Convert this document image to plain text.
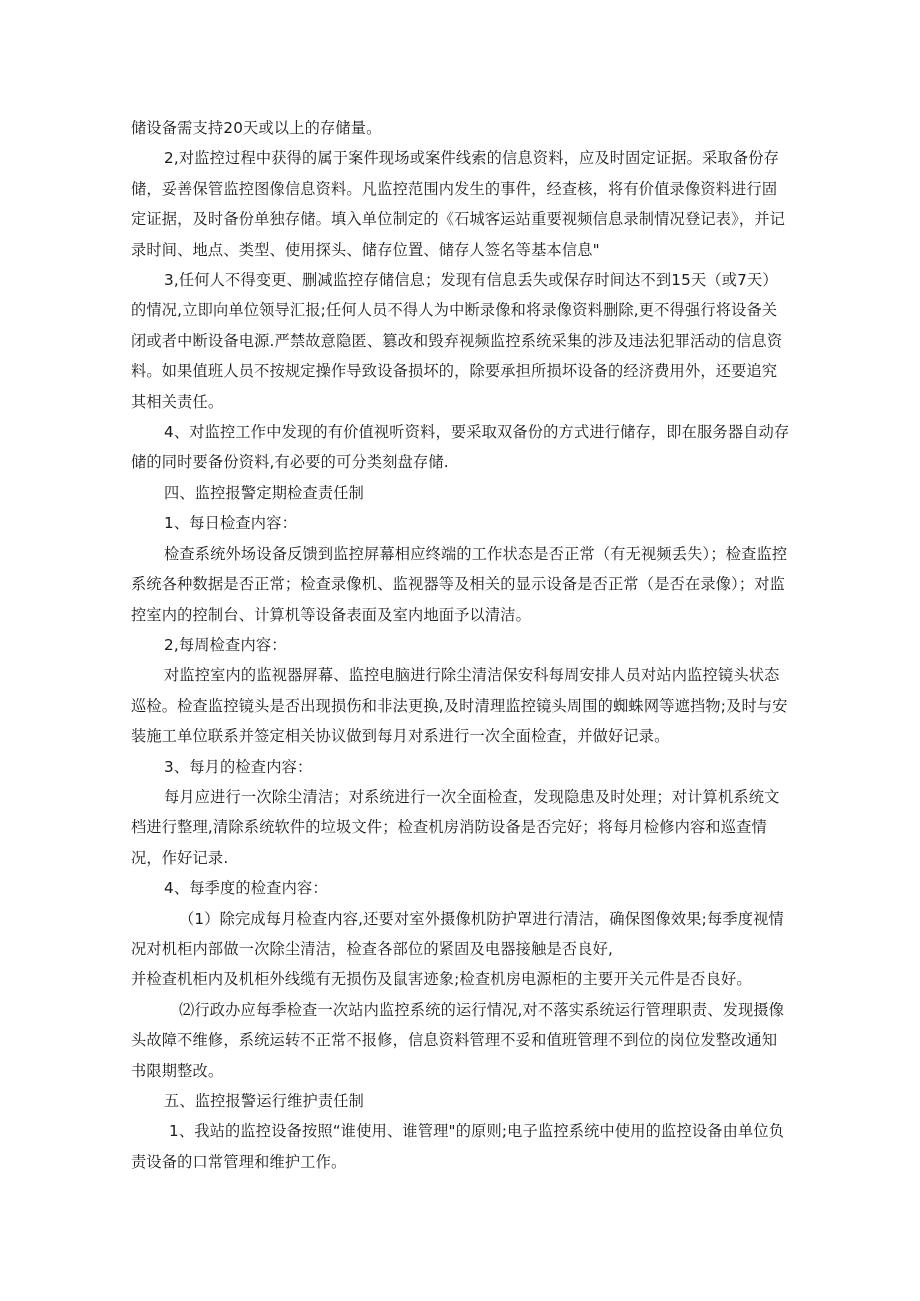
储设备需支持20天或以上的存储量。

2,对监控过程中获得的属于案件现场或案件线索的信息资料，应及时固定证据。采取备份存储，妥善保管监控图像信息资料。凡监控范围内发生的事件，经查核，将有价值录像资料进行固定证据，及时备份单独存储。填入单位制定的《石城客运站重要视频信息录制情况登记表》，并记录时间、地点、类型、使用探头、储存位置、储存人签名等基本信息"

3,任何人不得变更、删减监控存储信息；发现有信息丢失或保存时间达不到15天（或7天）的情况,立即向单位领导汇报;任何人员不得人为中断录像和将录像资料删除,更不得强行将设备关闭或者中断设备电源.严禁故意隐匿、篡改和毁弃视频监控系统采集的涉及违法犯罪活动的信息资料。如果值班人员不按规定操作导致设备损坏的，除要承担所损坏设备的经济费用外，还要追究其相关责任。

4、对监控工作中发现的有价值视听资料，要采取双备份的方式进行储存，即在服务器自动存储的同时要备份资料,有必要的可分类刻盘存储.

四、监控报警定期检查责任制

1、每日检查内容：

检查系统外场设备反馈到监控屏幕相应终端的工作状态是否正常（有无视频丢失）；检查监控系统各种数据是否正常；检查录像机、监视器等及相关的显示设备是否正常（是否在录像）；对监控室内的控制台、计算机等设备表面及室内地面予以清洁。

2,每周检查内容：

对监控室内的监视器屏幕、监控电脑进行除尘清洁保安科每周安排人员对站内监控镜头状态巡检。检查监控镜头是否出现损伤和非法更换,及时清理监控镜头周围的蜘蛛网等遮挡物;及时与安装施工单位联系并签定相关协议做到每月对系进行一次全面检查，并做好记录。

3、每月的检查内容：

每月应进行一次除尘清洁；对系统进行一次全面检查，发现隐患及时处理；对计算机系统文档进行整理,清除系统软件的垃圾文件；检查机房消防设备是否完好；将每月检修内容和巡查情况，作好记录.

4、每季度的检查内容：

（1）除完成每月检查内容,还要对室外摄像机防护罩进行清洁，确保图像效果;每季度视情况对机柜内部做一次除尘清洁，检查各部位的紧固及电器接触是否良好,

并检查机柜内及机柜外线缆有无损伤及鼠害迹象;检查机房电源柜的主要开关元件是否良好。

⑵行政办应每季检查一次站内监控系统的运行情况,对不落实系统运行管理职责、发现摄像头故障不维修，系统运转不正常不报修，信息资料管理不妥和值班管理不到位的岗位发整改通知书限期整改。

五、监控报警运行维护责任制

1、我站的监控设备按照“谁使用、谁管理"的原则;电子监控系统中使用的监控设备由单位负责设备的口常管理和维护工作。
